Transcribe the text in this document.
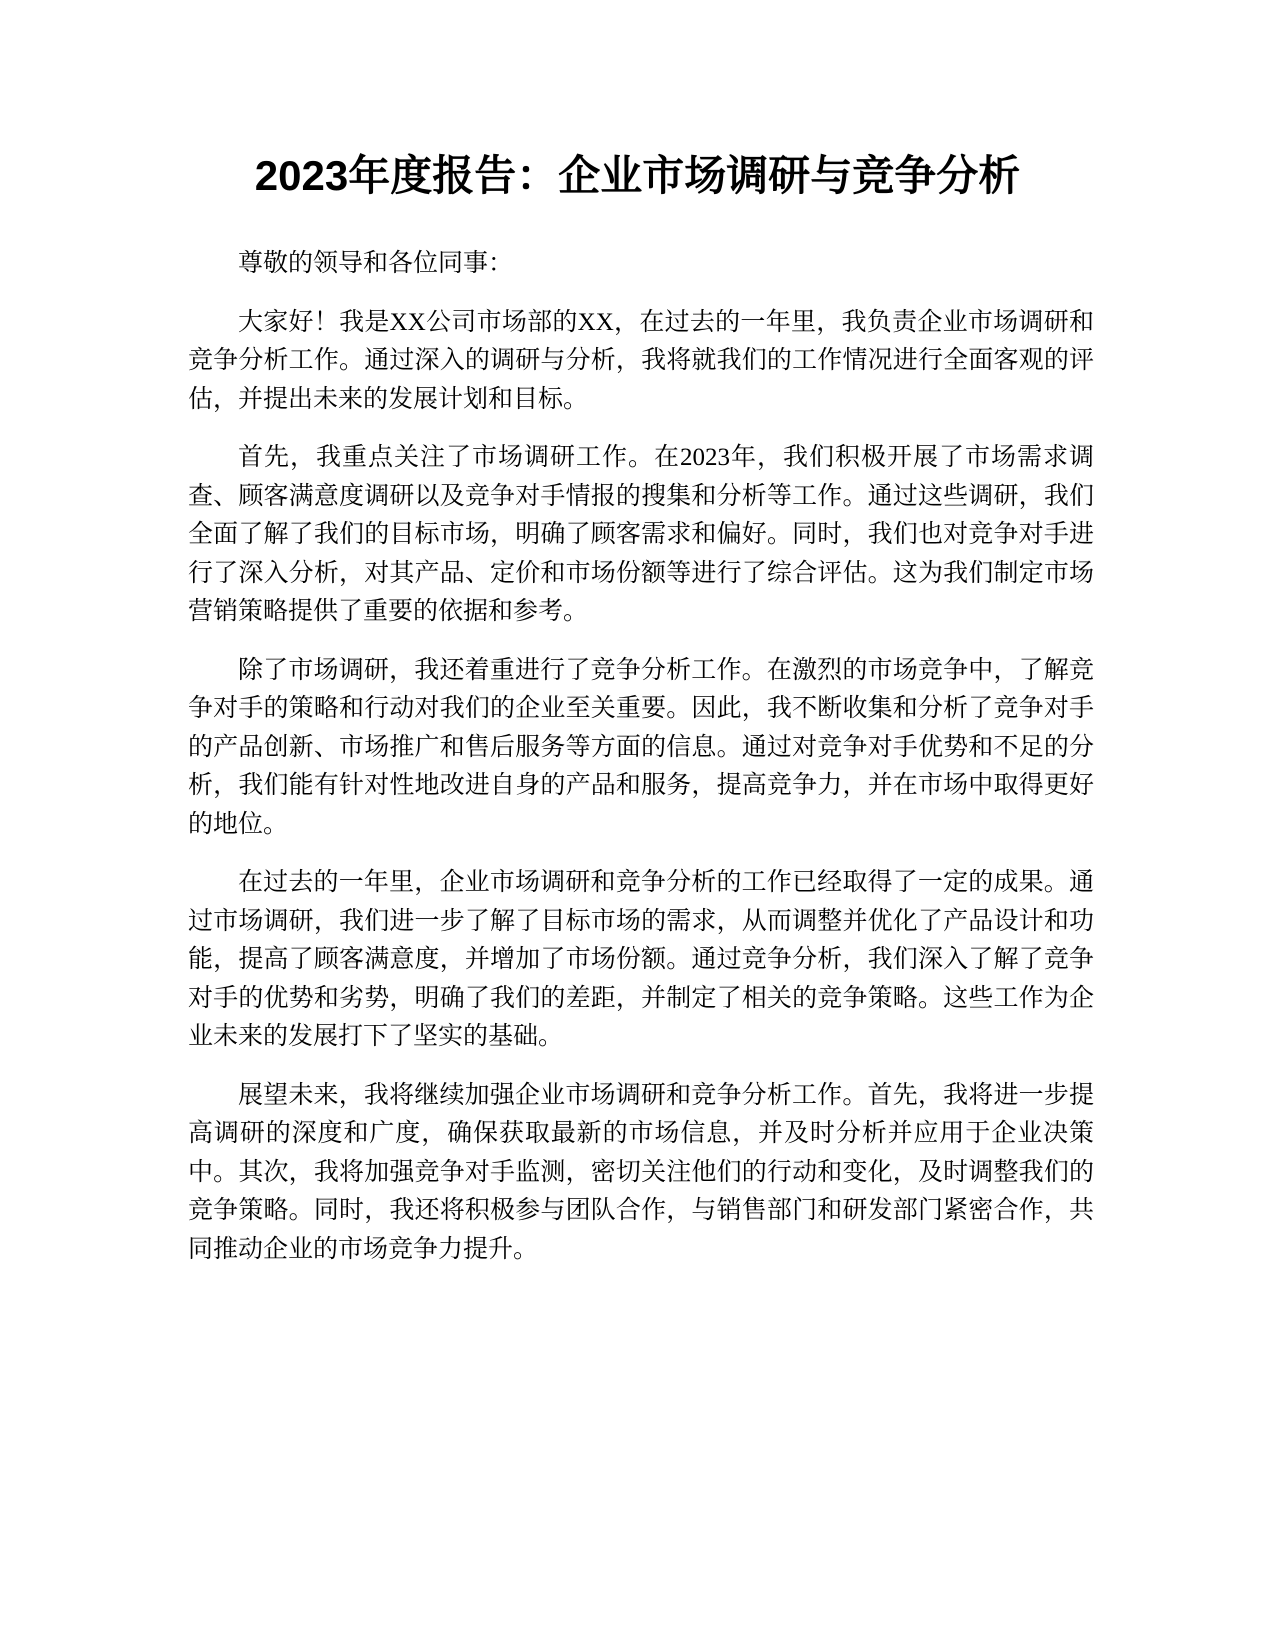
2023年度报告：企业市场调研与竞争分析

尊敬的领导和各位同事：

大家好！我是XX公司市场部的XX，在过去的一年里，我负责企业市场调研和竞争分析工作。通过深入的调研与分析，我将就我们的工作情况进行全面客观的评估，并提出未来的发展计划和目标。

首先，我重点关注了市场调研工作。在2023年，我们积极开展了市场需求调查、顾客满意度调研以及竞争对手情报的搜集和分析等工作。通过这些调研，我们全面了解了我们的目标市场，明确了顾客需求和偏好。同时，我们也对竞争对手进行了深入分析，对其产品、定价和市场份额等进行了综合评估。这为我们制定市场营销策略提供了重要的依据和参考。

除了市场调研，我还着重进行了竞争分析工作。在激烈的市场竞争中，了解竞争对手的策略和行动对我们的企业至关重要。因此，我不断收集和分析了竞争对手的产品创新、市场推广和售后服务等方面的信息。通过对竞争对手优势和不足的分析，我们能有针对性地改进自身的产品和服务，提高竞争力，并在市场中取得更好的地位。

在过去的一年里，企业市场调研和竞争分析的工作已经取得了一定的成果。通过市场调研，我们进一步了解了目标市场的需求，从而调整并优化了产品设计和功能，提高了顾客满意度，并增加了市场份额。通过竞争分析，我们深入了解了竞争对手的优势和劣势，明确了我们的差距，并制定了相关的竞争策略。这些工作为企业未来的发展打下了坚实的基础。

展望未来，我将继续加强企业市场调研和竞争分析工作。首先，我将进一步提高调研的深度和广度，确保获取最新的市场信息，并及时分析并应用于企业决策中。其次，我将加强竞争对手监测，密切关注他们的行动和变化，及时调整我们的竞争策略。同时，我还将积极参与团队合作，与销售部门和研发部门紧密合作，共同推动企业的市场竞争力提升。
